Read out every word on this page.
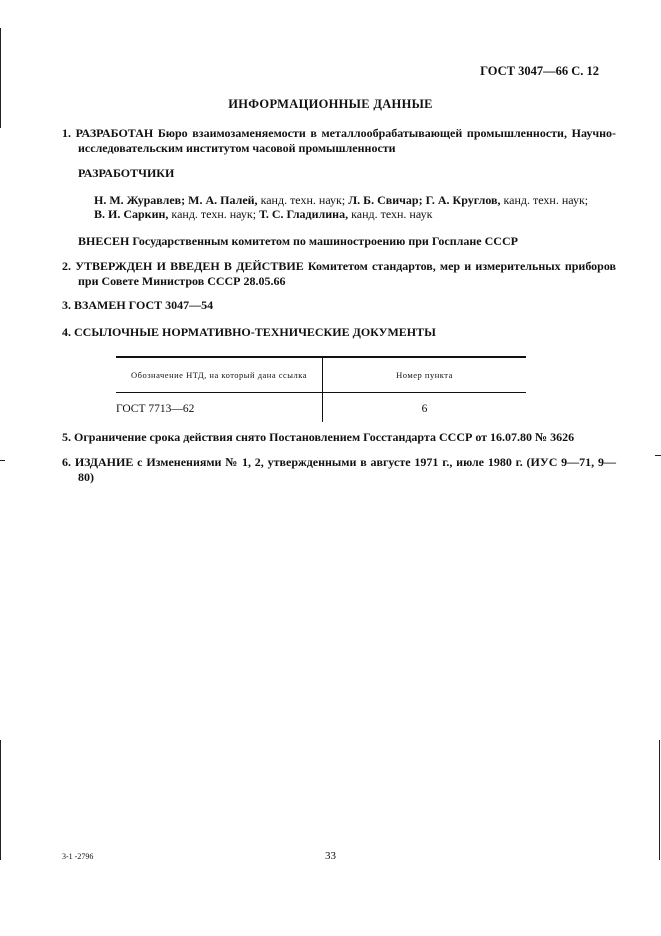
ГОСТ 3047—66 С. 12
ИНФОРМАЦИОННЫЕ ДАННЫЕ
1. РАЗРАБОТАН Бюро взаимозаменяемости в металлообрабатывающей промышленности, Научно-исследовательским институтом часовой промышленности
РАЗРАБОТЧИКИ
Н. М. Журавлев; М. А. Палей, канд. техн. наук; Л. Б. Свичар; Г. А. Круглов, канд. техн. наук;
В. И. Саркин, канд. техн. наук; Т. С. Гладилина, канд. техн. наук
ВНЕСЕН Государственным комитетом по машиностроению при Госплане СССР
2. УТВЕРЖДЕН И ВВЕДЕН В ДЕЙСТВИЕ Комитетом стандартов, мер и измерительных приборов при Совете Министров СССР 28.05.66
3. ВЗАМЕН ГОСТ 3047—54
4. ССЫЛОЧНЫЕ НОРМАТИВНО-ТЕХНИЧЕСКИЕ ДОКУМЕНТЫ
Обозначение НТД, на который дана ссылка	Номер пункта
ГОСТ 7713—62	6
5. Ограничение срока действия снято Постановлением Госстандарта СССР от 16.07.80 № 3626
6. ИЗДАНИЕ с Изменениями № 1, 2, утвержденными в августе 1971 г., июле 1980 г. (ИУС 9—71, 9—80)
3-1 -2796	33
